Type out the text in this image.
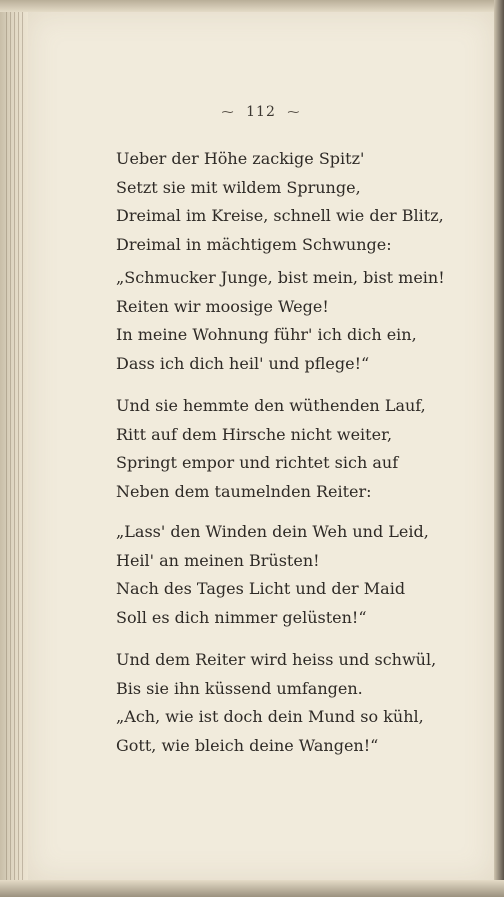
⁓ 112 ⁓
Ueber der Höhe zackige Spitz'
Setzt sie mit wildem Sprunge,
Dreimal im Kreise, schnell wie der Blitz,
Dreimal in mächtigem Schwunge:
„Schmucker Junge, bist mein, bist mein!
Reiten wir moosige Wege!
In meine Wohnung führ' ich dich ein,
Dass ich dich heil' und pflege!“
Und sie hemmte den wüthenden Lauf,
Ritt auf dem Hirsche nicht weiter,
Springt empor und richtet sich auf
Neben dem taumelnden Reiter:
„Lass' den Winden dein Weh und Leid,
Heil' an meinen Brüsten!
Nach des Tages Licht und der Maid
Soll es dich nimmer gelüsten!“
Und dem Reiter wird heiss und schwül,
Bis sie ihn küssend umfangen.
„Ach, wie ist doch dein Mund so kühl,
Gott, wie bleich deine Wangen!“
